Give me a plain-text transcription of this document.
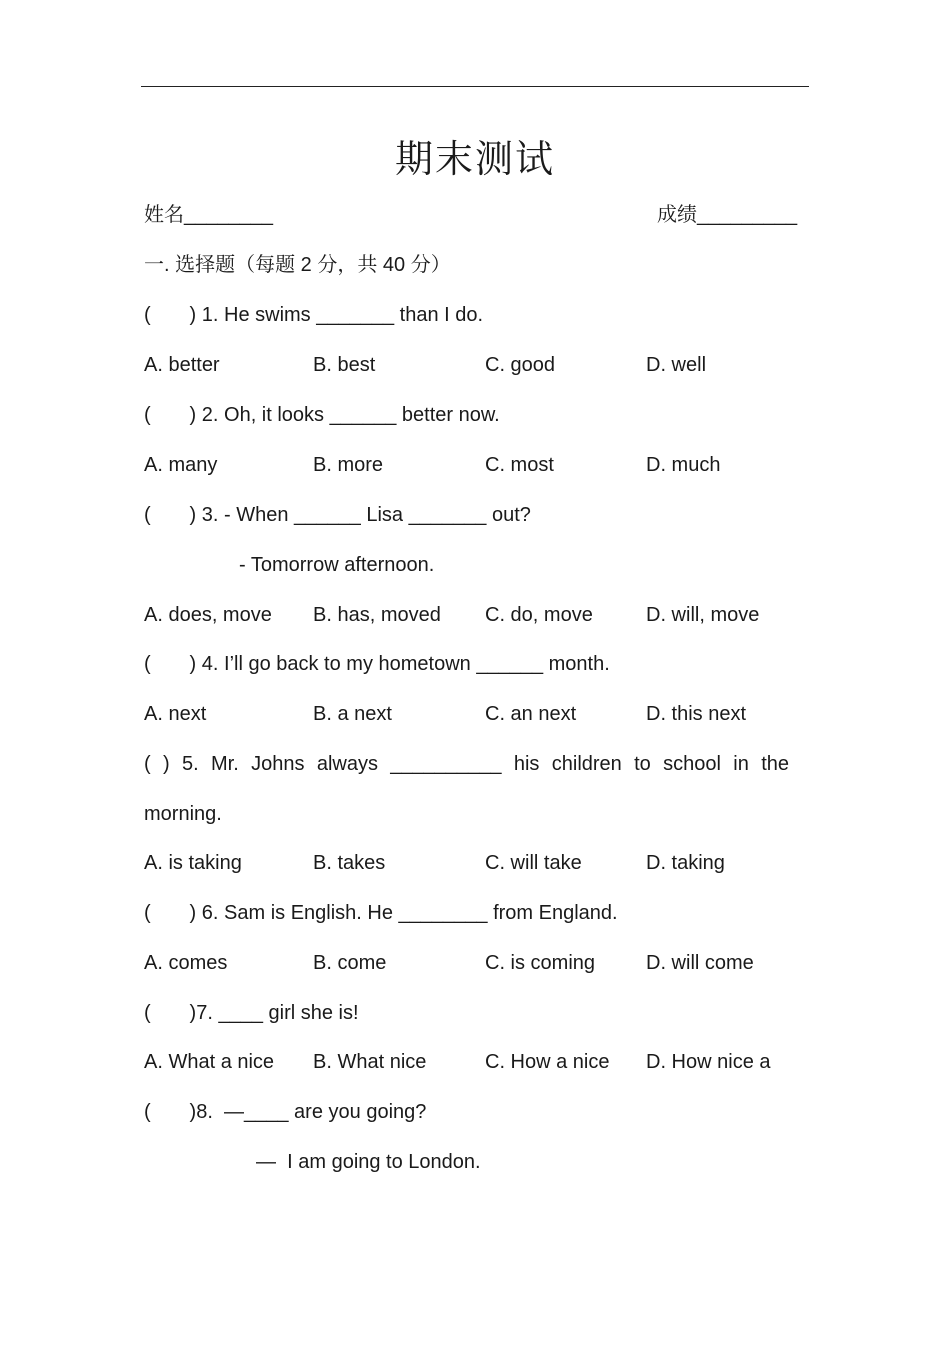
期末测试
姓名________	成绩_________
一. 选择题（每题 2 分，共 40 分）
(       ) 1. He swims _______ than I do.
A. better	B. best	C. good	D. well
(       ) 2. Oh, it looks ______ better now.
A. many	B. more	C. most	D. much
(       ) 3. - When ______ Lisa _______ out?
- Tomorrow afternoon.
A. does, move B. has, moved C. do, move	D. will, move
(       ) 4. I’ll go back to my hometown ______ month.
A. next	B. a next	C. an next	D. this next
( ) 5. Mr. Johns always __________ his children to school in the
morning.
A. is taking	B. takes	C. will take	D. taking
(       ) 6. Sam is English. He ________ from England.
A. comes	B. come	C. is coming	D. will come
(       )7. ____ girl she is!
A. What a nice B. What nice	C. How a nice D. How nice a
(       )8.  —____ are you going?
—  I am going to London.
